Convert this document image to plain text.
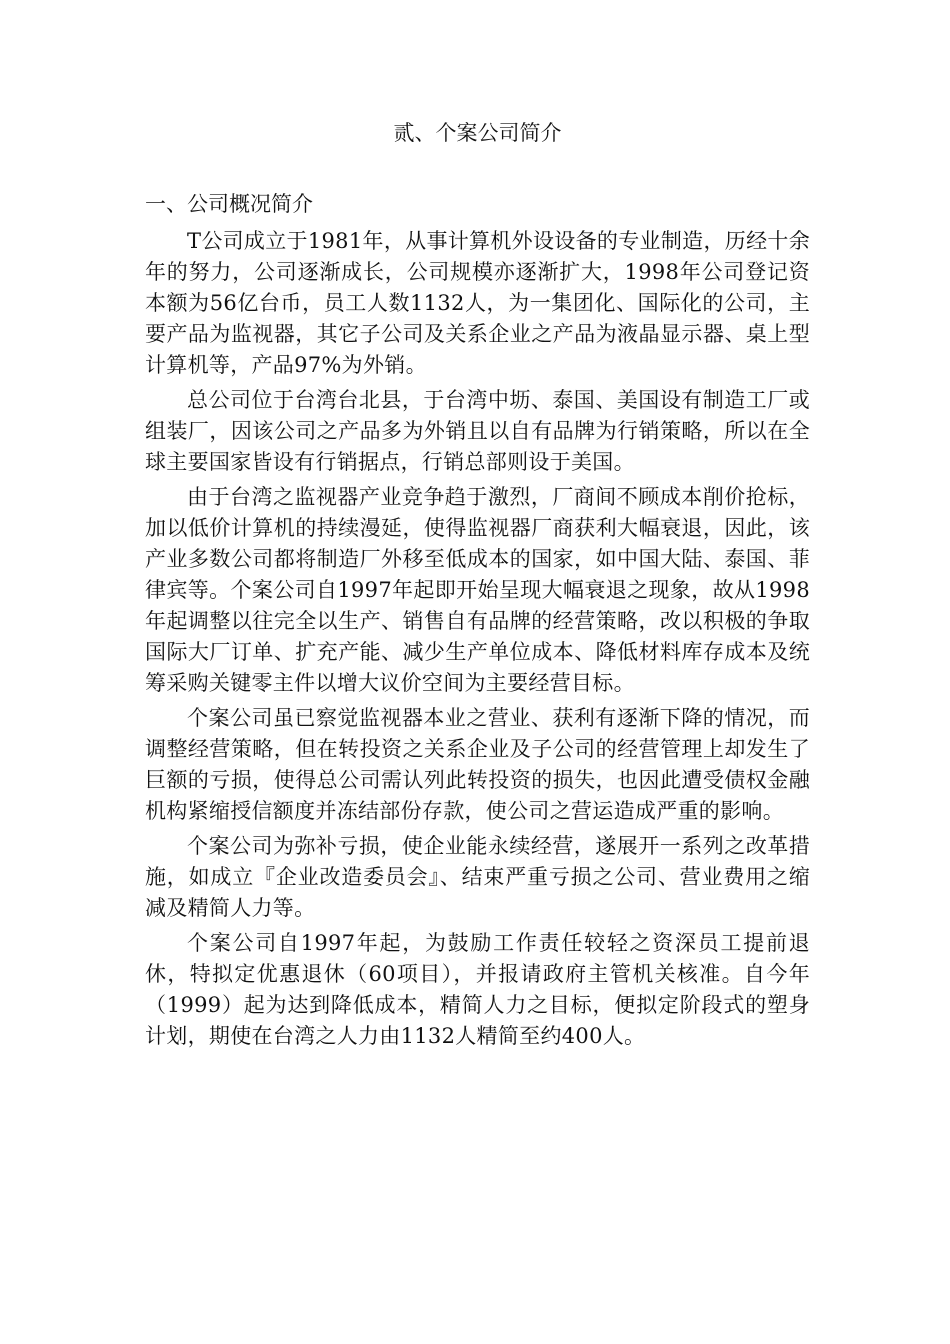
贰、个案公司简介
一、公司概况简介

T公司成立于1981年，从事计算机外设设备的专业制造，历经十余年的努力，公司逐渐成长，公司规模亦逐渐扩大，1998年公司登记资本额为56亿台币，员工人数1132人，为一集团化、国际化的公司，主要产品为监视器，其它子公司及关系企业之产品为液晶显示器、桌上型计算机等，产品97%为外销。

总公司位于台湾台北县，于台湾中坜、泰国、美国设有制造工厂或组装厂，因该公司之产品多为外销且以自有品牌为行销策略，所以在全球主要国家皆设有行销据点，行销总部则设于美国。

由于台湾之监视器产业竞争趋于激烈，厂商间不顾成本削价抢标，加以低价计算机的持续漫延，使得监视器厂商获利大幅衰退，因此，该产业多数公司都将制造厂外移至低成本的国家，如中国大陆、泰国、菲律宾等。个案公司自1997年起即开始呈现大幅衰退之现象，故从1998年起调整以往完全以生产、销售自有品牌的经营策略，改以积极的争取国际大厂订单、扩充产能、减少生产单位成本、降低材料库存成本及统筹采购关键零主件以增大议价空间为主要经营目标。

个案公司虽已察觉监视器本业之营业、获利有逐渐下降的情况，而调整经营策略，但在转投资之关系企业及子公司的经营管理上却发生了巨额的亏损，使得总公司需认列此转投资的损失，也因此遭受债权金融机构紧缩授信额度并冻结部份存款，使公司之营运造成严重的影响。

个案公司为弥补亏损，使企业能永续经营，遂展开一系列之改革措施，如成立『企业改造委员会』、结束严重亏损之公司、营业费用之缩减及精简人力等。

个案公司自1997年起，为鼓励工作责任较轻之资深员工提前退休，特拟定优惠退休（60项目），并报请政府主管机关核准。自今年（1999）起为达到降低成本，精简人力之目标，便拟定阶段式的塑身计划，期使在台湾之人力由1132人精简至约400人。
